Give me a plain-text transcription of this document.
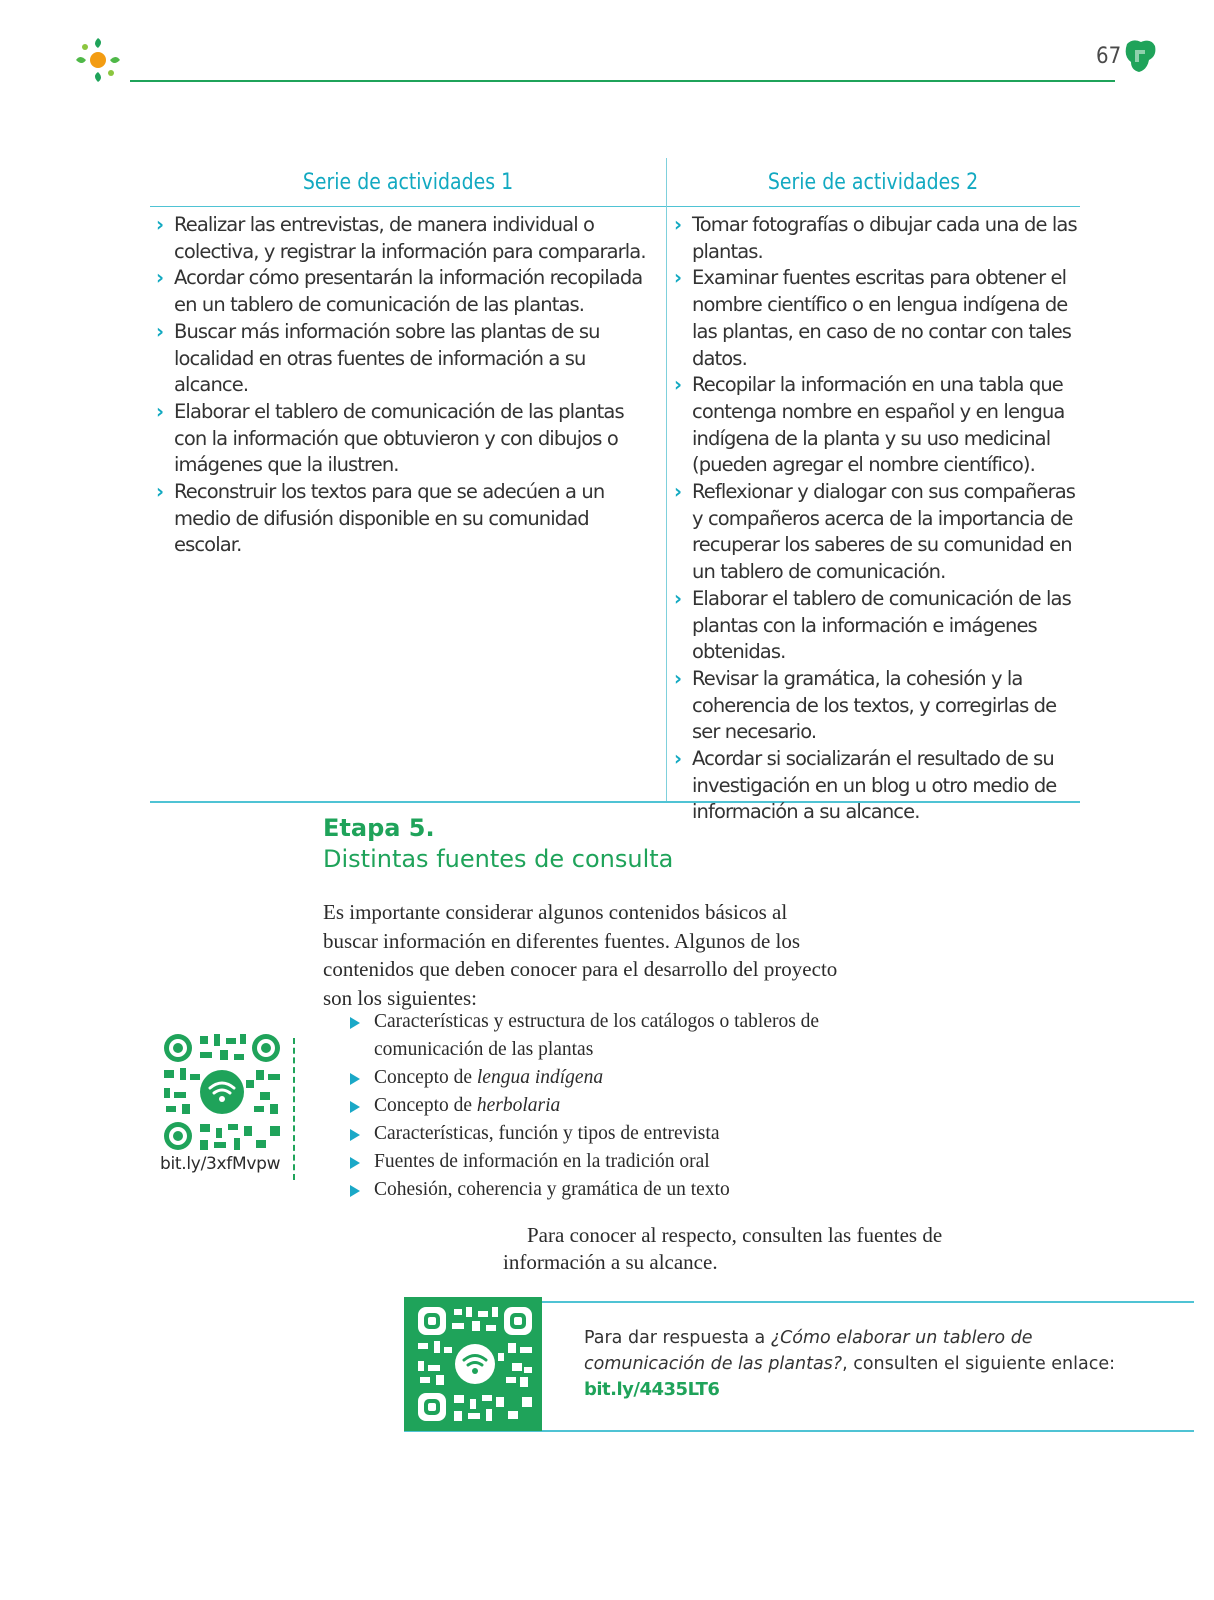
67
Serie de actividades 1	Serie de actividades 2
› Realizar las entrevistas, de manera individual o colectiva, y registrar la información para compararla.
› Acordar cómo presentarán la información recopilada en un tablero de comunicación de las plantas.
› Buscar más información sobre las plantas de su localidad en otras fuentes de información a su alcance.
› Elaborar el tablero de comunicación de las plantas con la información que obtuvieron y con dibujos o imágenes que la ilustren.
› Reconstruir los textos para que se adecúen a un medio de difusión disponible en su comunidad escolar.
› Tomar fotografías o dibujar cada una de las plantas.
› Examinar fuentes escritas para obtener el nombre científico o en lengua indígena de las plantas, en caso de no contar con tales datos.
› Recopilar la información en una tabla que contenga nombre en español y en lengua indígena de la planta y su uso medicinal (pueden agregar el nombre científico).
› Reflexionar y dialogar con sus compañeras y compañeros acerca de la importancia de recuperar los saberes de su comunidad en un tablero de comunicación.
› Elaborar el tablero de comunicación de las plantas con la información e imágenes obtenidas.
› Revisar la gramática, la cohesión y la coherencia de los textos, y corregirlas de ser necesario.
› Acordar si socializarán el resultado de su investigación en un blog u otro medio de información a su alcance.
Etapa 5.
Distintas fuentes de consulta
Es importante considerar algunos contenidos básicos al buscar información en diferentes fuentes. Algunos de los contenidos que deben conocer para el desarrollo del proyecto son los siguientes:
Características y estructura de los catálogos o tableros de comunicación de las plantas
Concepto de lengua indígena
Concepto de herbolaria
Características, función y tipos de entrevista
Fuentes de información en la tradición oral
Cohesión, coherencia y gramática de un texto
Para conocer al respecto, consulten las fuentes de información a su alcance.
bit.ly/3xfMvpw
Para dar respuesta a ¿Cómo elaborar un tablero de comunicación de las plantas?, consulten el siguiente enlace:
bit.ly/4435LT6
